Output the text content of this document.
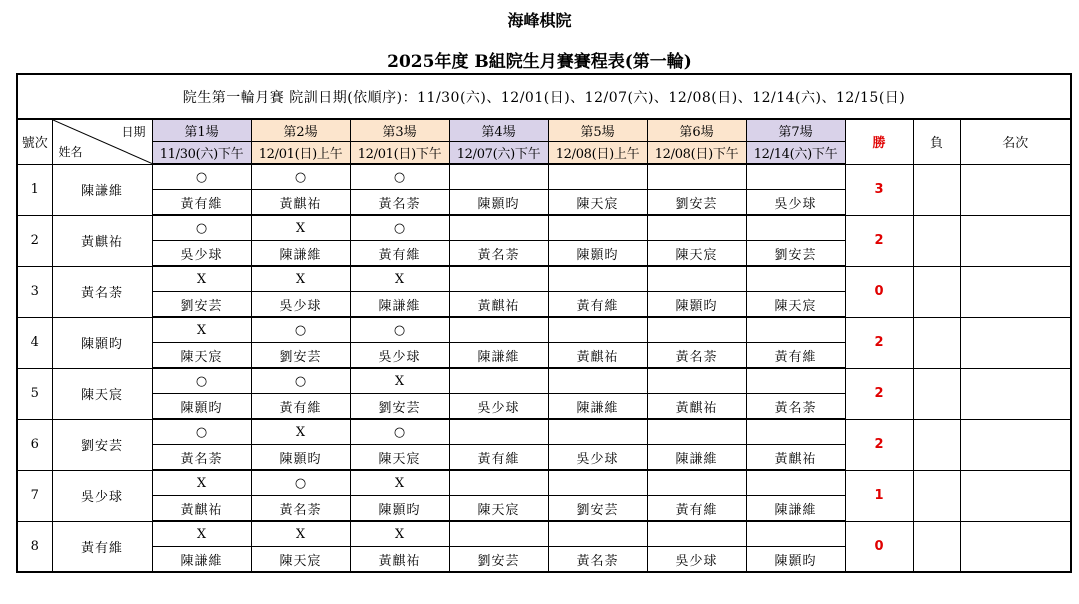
海峰棋院
2025年度 B組院生月賽賽程表(第一輪)
院生第一輪月賽 院訓日期(依順序)：11/30(六)、12/01(日)、12/07(六)、12/08(日)、12/14(六)、12/15(日)											
號次	日期
姓名	第1場	第2場	第3場	第4場	第5場	第6場	第7場	勝	負	名次
		11/30(六)下午	12/01(日)上午	12/01(日)下午	12/07(六)下午	12/08(日)上午	12/08(日)下午	12/14(六)下午			
1	陳謙維	○	○	○					3		
		黃有維	黃麒祐	黃名荼	陳顥昀	陳天宸	劉安芸	吳少球			
2	黃麒祐	○	X	○					2		
		吳少球	陳謙維	黃有維	黃名荼	陳顥昀	陳天宸	劉安芸			
3	黃名荼	X	X	X					0		
		劉安芸	吳少球	陳謙維	黃麒祐	黃有維	陳顥昀	陳天宸			
4	陳顥昀	X	○	○					2		
		陳天宸	劉安芸	吳少球	陳謙維	黃麒祐	黃名荼	黃有維			
5	陳天宸	○	○	X					2		
		陳顥昀	黃有維	劉安芸	吳少球	陳謙維	黃麒祐	黃名荼			
6	劉安芸	○	X	○					2		
		黃名荼	陳顥昀	陳天宸	黃有維	吳少球	陳謙維	黃麒祐			
7	吳少球	X	○	X					1		
		黃麒祐	黃名荼	陳顥昀	陳天宸	劉安芸	黃有維	陳謙維			
8	黃有維	X	X	X					0		
		陳謙維	陳天宸	黃麒祐	劉安芸	黃名荼	吳少球	陳顥昀			
